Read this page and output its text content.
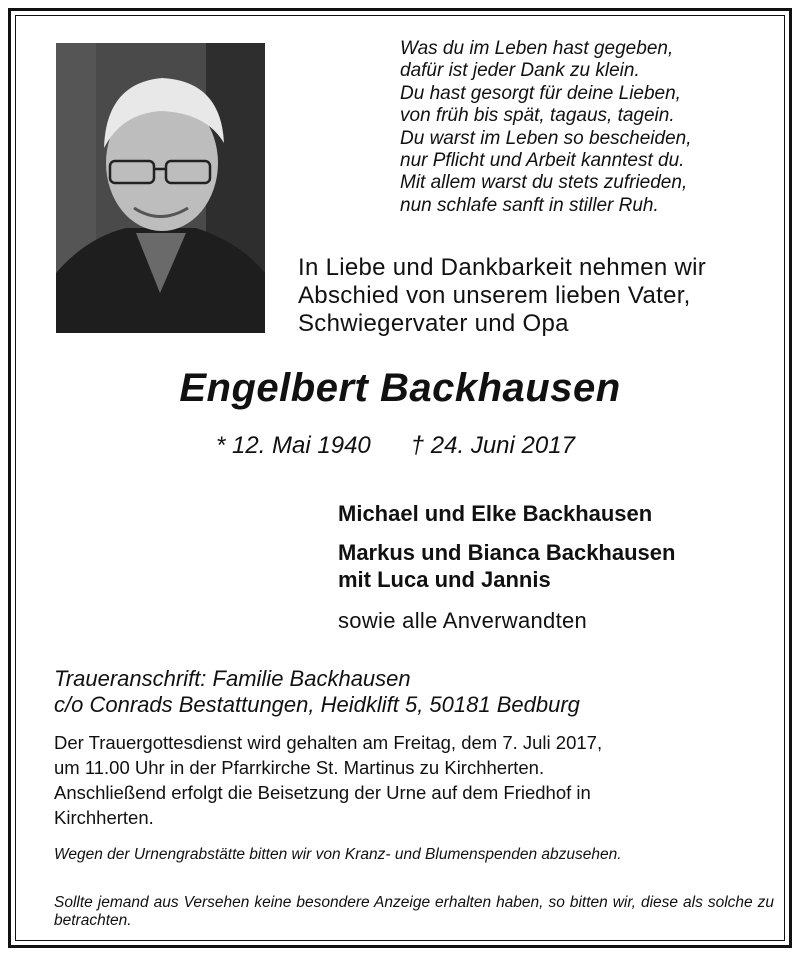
Was du im Leben hast gegeben,
dafür ist jeder Dank zu klein.
Du hast gesorgt für deine Lieben,
von früh bis spät, tagaus, tagein.
Du warst im Leben so bescheiden,
nur Pflicht und Arbeit kanntest du.
Mit allem warst du stets zufrieden,
nun schlafe sanft in stiller Ruh.
In Liebe und Dankbarkeit nehmen wir
Abschied von unserem lieben Vater,
Schwiegervater und Opa
Engelbert Backhausen
* 12. Mai 1940 † 24. Juni 2017
Michael und Elke Backhausen
Markus und Bianca Backhausen
mit Luca und Jannis
sowie alle Anverwandten
Traueranschrift: Familie Backhausen
c/o Conrads Bestattungen, Heidklift 5, 50181 Bedburg
Der Trauergottesdienst wird gehalten am Freitag, dem 7. Juli 2017,
um 11.00 Uhr in der Pfarrkirche St. Martinus zu Kirchherten.
Anschließend erfolgt die Beisetzung der Urne auf dem Friedhof in
Kirchherten.
Wegen der Urnengrabstätte bitten wir von Kranz- und Blumenspenden abzusehen.
Sollte jemand aus Versehen keine besondere Anzeige erhalten haben, so bitten wir, diese als solche zu betrachten.
